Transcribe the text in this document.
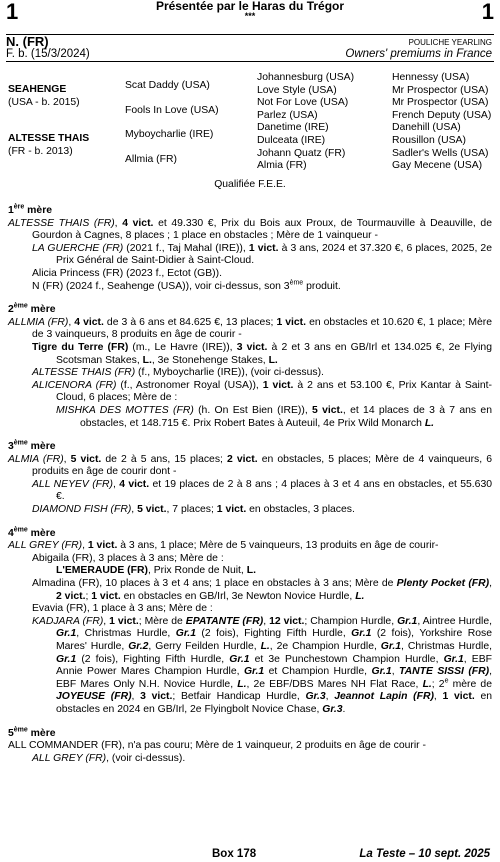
1	Présentée par le Haras du Trégor
***	1
N. (FR)	POULICHE YEARLING
F. b. (15/3/2024)	Owners' premiums in France
SEAHENGE
(USA - b. 2015)
ALTESSE THAIS
(FR - b. 2013)
Scat Daddy (USA)
Fools In Love (USA)
Myboycharlie (IRE)
Allmia (FR)
Johannesburg (USA)
Love Style (USA)
Not For Love (USA)
Parlez (USA)
Danetime (IRE)
Dulceata (IRE)
Johann Quatz (FR)
Almia (FR)
Hennessy (USA)
Mr Prospector (USA)
Mr Prospector (USA)
French Deputy (USA)
Danehill (USA)
Rousillon (USA)
Sadler's Wells (USA)
Gay Mecene (USA)
Qualifiée F.E.E.
1ère mère
ALTESSE THAIS (FR), 4 vict. et 49.330 €, Prix du Bois aux Proux, de Tourmauville à Deauville, de Gourdon à Cagnes, 8 places ; 1 place en obstacles ; Mère de 1 vainqueur -
LA GUERCHE (FR) (2021 f., Taj Mahal (IRE)), 1 vict. à 3 ans, 2024 et 37.320 €, 6 places, 2025, 2e Prix Général de Saint-Didier à Saint-Cloud.
Alicia Princess (FR) (2023 f., Ectot (GB)).
N (FR) (2024 f., Seahenge (USA)), voir ci-dessus, son 3ème produit.
2ème mère
ALLMIA (FR), 4 vict. de 3 à 6 ans et 84.625 €, 13 places; 1 vict. en obstacles et 10.620 €, 1 place; Mère de 3 vainqueurs, 8 produits en âge de courir -
Tigre du Terre (FR) (m., Le Havre (IRE)), 3 vict. à 2 et 3 ans en GB/Irl et 134.025 €, 2e Flying Scotsman Stakes, L., 3e Stonehenge Stakes, L.
ALTESSE THAIS (FR) (f., Myboycharlie (IRE)), (voir ci-dessus).
ALICENORA (FR) (f., Astronomer Royal (USA)), 1 vict. à 2 ans et 53.100 €, Prix Kantar à Saint-Cloud, 6 places; Mère de :
MISHKA DES MOTTES (FR) (h. On Est Bien (IRE)), 5 vict., et 14 places de 3 à 7 ans en obstacles, et 148.715 €. Prix Robert Bates à Auteuil, 4e Prix Wild Monarch L.
3ème mère
ALMIA (FR), 5 vict. de 2 à 5 ans, 15 places; 2 vict. en obstacles, 5 places; Mère de 4 vainqueurs, 6 produits en âge de courir dont -
ALL NEYEV (FR), 4 vict. et 19 places de 2 à 8 ans ; 4 places à 3 et 4 ans en obstacles, et 55.630 €.
DIAMOND FISH (FR), 5 vict., 7 places; 1 vict. en obstacles, 3 places.
4ème mère
ALL GREY (FR), 1 vict. à 3 ans, 1 place; Mère de 5 vainqueurs, 13 produits en âge de courir-
Abigaila (FR), 3 places à 3 ans; Mère de :
L'EMERAUDE (FR), Prix Ronde de Nuit, L.
Almadina (FR), 10 places à 3 et 4 ans; 1 place en obstacles à 3 ans; Mère de Plenty Pocket (FR), 2 vict.; 1 vict. en obstacles en GB/Irl, 3e Newton Novice Hurdle, L.
Evavia (FR), 1 place à 3 ans; Mère de :
KADJARA (FR), 1 vict.; Mère de EPATANTE (FR), 12 vict.; Champion Hurdle, Gr.1, Aintree Hurdle, Gr.1, Christmas Hurdle, Gr.1 (2 fois), Fighting Fifth Hurdle, Gr.1 (2 fois), Yorkshire Rose Mares' Hurdle, Gr.2, Gerry Feilden Hurdle, L., 2e Champion Hurdle, Gr.1, Christmas Hurdle, Gr.1 (2 fois), Fighting Fifth Hurdle, Gr.1 et 3e Punchestown Champion Hurdle, Gr.1, EBF Annie Power Mares Champion Hurdle, Gr.1 et Champion Hurdle, Gr.1, TANTE SISSI (FR), EBF Mares Only N.H. Novice Hurdle, L., 2e EBF/DBS Mares NH Flat Race, L.; 2e mère de JOYEUSE (FR), 3 vict.; Betfair Handicap Hurdle, Gr.3, Jeannot Lapin (FR), 1 vict. en obstacles en 2024 en GB/Irl, 2e Flyingbolt Novice Chase, Gr.3.
5ème mère
ALL COMMANDER (FR), n'a pas couru; Mère de 1 vainqueur, 2 produits en âge de courir -
ALL GREY (FR), (voir ci-dessus).
Box 178	La Teste – 10 sept. 2025
